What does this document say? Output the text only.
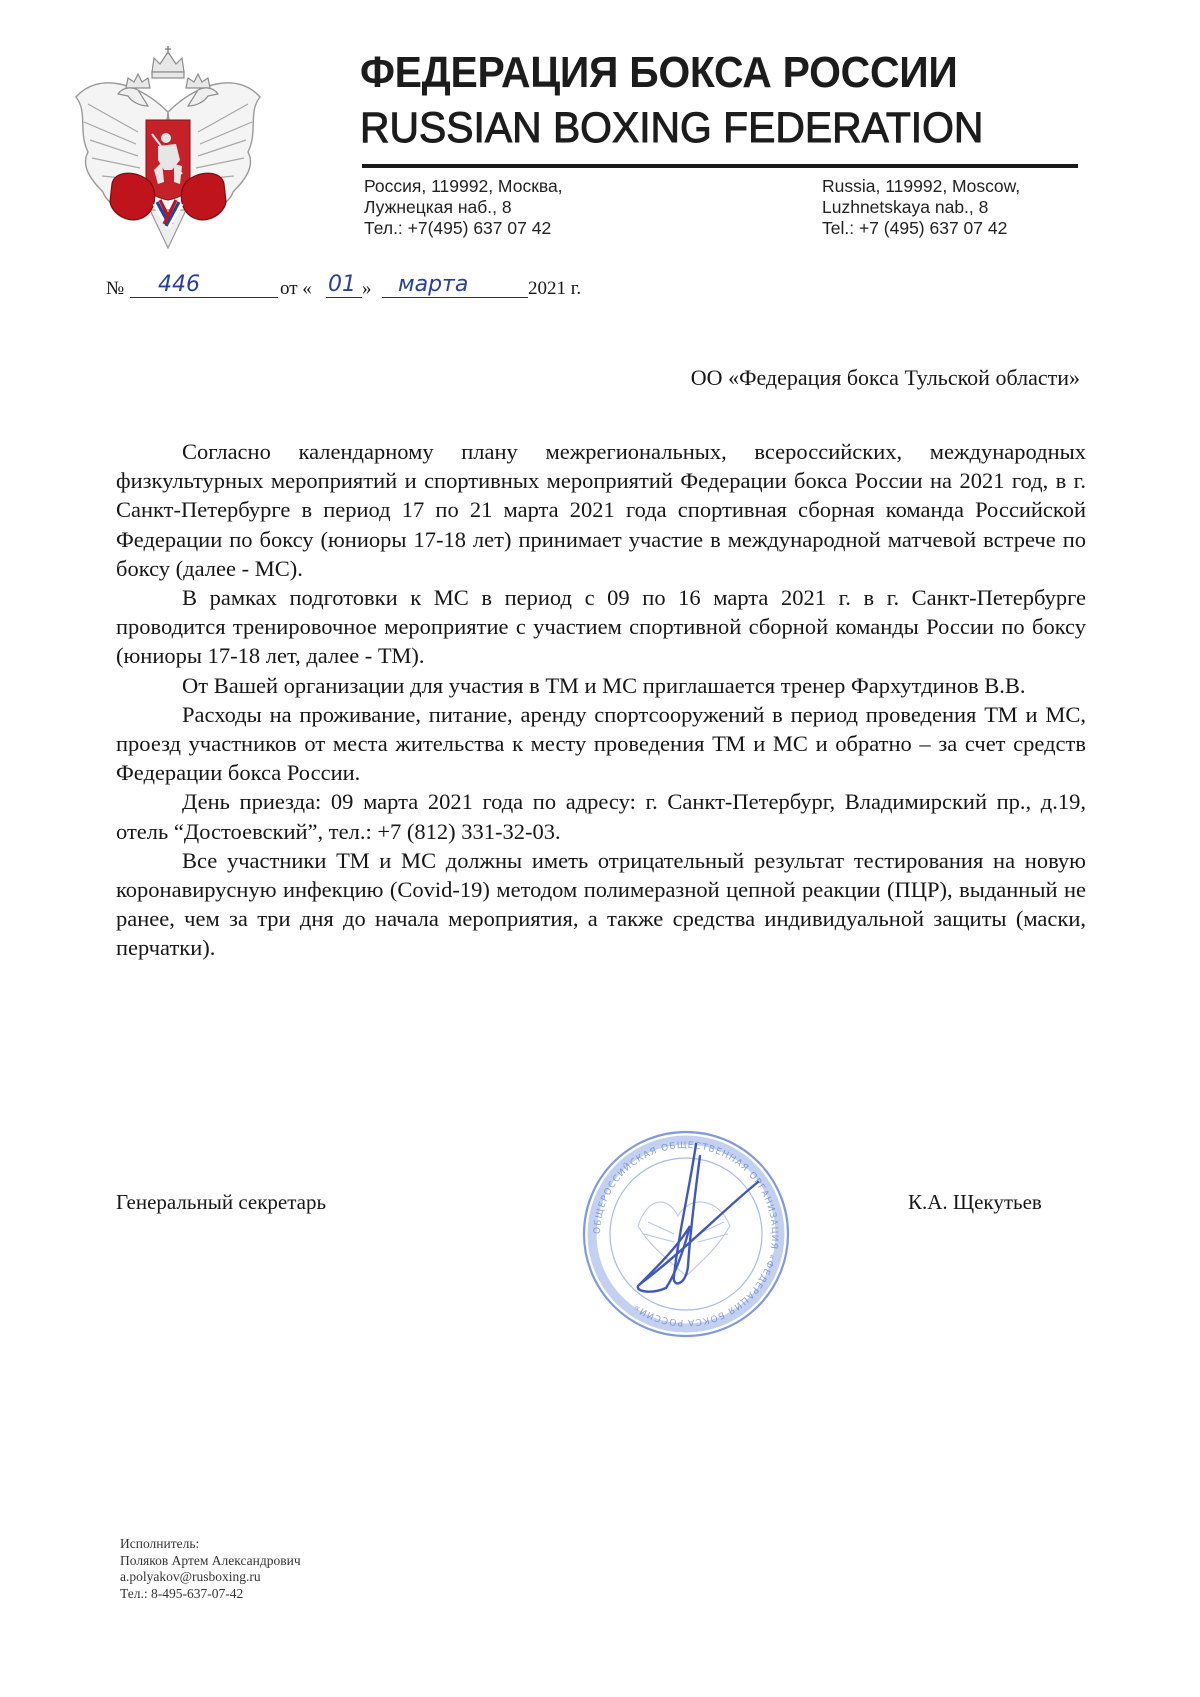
ФЕДЕРАЦИЯ БОКСА РОССИИ
RUSSIAN BOXING FEDERATION
Россия, 119992, Москва,
Лужнецкая наб., 8
Тел.: +7(495) 637 07 42
Russia, 119992, Moscow,
Luzhnetskaya nab., 8
Tel.: +7 (495) 637 07 42
№ 446	от « 01 » марта	2021 г.
ОО «Федерация бокса Тульской области»

Согласно календарному плану межрегиональных, всероссийских, международных физкультурных мероприятий и спортивных мероприятий Федерации бокса России на 2021 год, в г. Санкт-Петербурге в период 17 по 21 марта 2021 года спортивная сборная команда Российской Федерации по боксу (юниоры 17-18 лет) принимает участие в международной матчевой встрече по боксу (далее - МС).

В рамках подготовки к МС в период с 09 по 16 марта 2021 г. в г. Санкт-Петербурге проводится тренировочное мероприятие с участием спортивной сборной команды России по боксу (юниоры 17-18 лет, далее - ТМ).

От Вашей организации для участия в ТМ и МС приглашается тренер Фархутдинов В.В.

Расходы на проживание, питание, аренду спортсооружений в период проведения ТМ и МС, проезд участников от места жительства к месту проведения ТМ и МС и обратно – за счет средств Федерации бокса России.

День приезда: 09 марта 2021 года по адресу: г. Санкт-Петербург, Владимирский пр., д.19, отель “Достоевский”, тел.: +7 (812) 331-32-03.

Все участники ТМ и МС должны иметь отрицательный результат тестирования на новую коронавирусную инфекцию (Covid-19) методом полимеразной цепной реакции (ПЦР), выданный не ранее, чем за три дня до начала мероприятия, а также средства индивидуальной защиты (маски, перчатки).

Генеральный секретарь
ОБЩЕРОССИЙСКАЯ ОБЩЕСТВЕННАЯ ОРГАНИЗАЦИЯ «ФЕДЕРАЦИЯ БОКСА РОССИИ»
К.А. Щекутьев
Исполнитель:
Поляков Артем Александрович
a.polyakov@rusboxing.ru
Тел.: 8-495-637-07-42
